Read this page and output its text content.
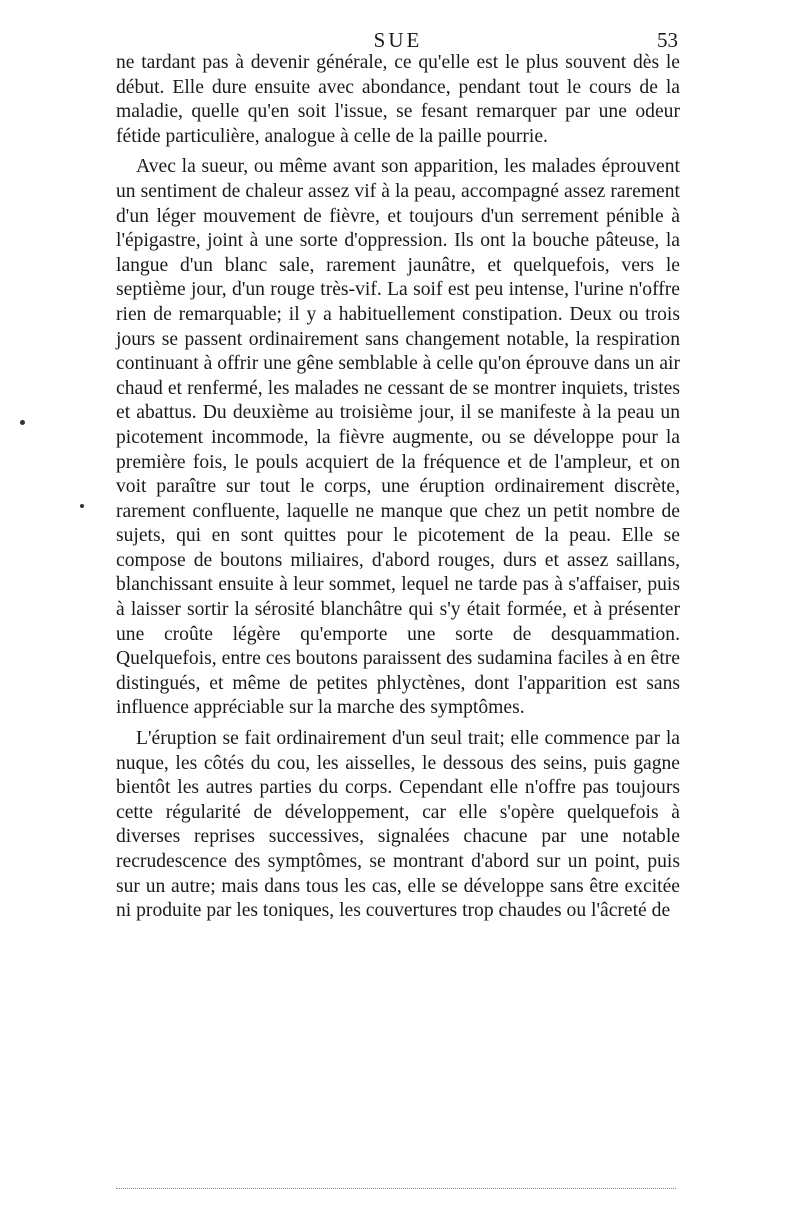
SUE	53

ne tardant pas à devenir générale, ce qu'elle est le plus souvent dès le début. Elle dure ensuite avec abondance, pendant tout le cours de la maladie, quelle qu'en soit l'issue, se fesant remarquer par une odeur fétide particulière, analogue à celle de la paille pourrie.

Avec la sueur, ou même avant son apparition, les malades éprouvent un sentiment de chaleur assez vif à la peau, accompagné assez rarement d'un léger mouvement de fièvre, et toujours d'un serrement pénible à l'épigastre, joint à une sorte d'oppression. Ils ont la bouche pâteuse, la langue d'un blanc sale, rarement jaunâtre, et quelquefois, vers le septième jour, d'un rouge très-vif. La soif est peu intense, l'urine n'offre rien de remarquable; il y a habituellement constipation. Deux ou trois jours se passent ordinairement sans changement notable, la respiration continuant à offrir une gêne semblable à celle qu'on éprouve dans un air chaud et renfermé, les malades ne cessant de se montrer inquiets, tristes et abattus. Du deuxième au troisième jour, il se manifeste à la peau un picotement incommode, la fièvre augmente, ou se développe pour la première fois, le pouls acquiert de la fréquence et de l'ampleur, et on voit paraître sur tout le corps, une éruption ordinairement discrète, rarement confluente, laquelle ne manque que chez un petit nombre de sujets, qui en sont quittes pour le picotement de la peau. Elle se compose de boutons miliaires, d'abord rouges, durs et assez saillans, blanchissant ensuite à leur sommet, lequel ne tarde pas à s'affaiser, puis à laisser sortir la sérosité blanchâtre qui s'y était formée, et à présenter une croûte légère qu'emporte une sorte de desquammation. Quelquefois, entre ces boutons paraissent des sudamina faciles à en être distingués, et même de petites phlyctènes, dont l'apparition est sans influence appréciable sur la marche des symptômes.

L'éruption se fait ordinairement d'un seul trait; elle commence par la nuque, les côtés du cou, les aisselles, le dessous des seins, puis gagne bientôt les autres parties du corps. Cependant elle n'offre pas toujours cette régularité de développement, car elle s'opère quelquefois à diverses reprises successives, signalées chacune par une notable recrudescence des symptômes, se montrant d'abord sur un point, puis sur un autre; mais dans tous les cas, elle se développe sans être excitée ni produite par les toniques, les couvertures trop chaudes ou l'âcreté de
